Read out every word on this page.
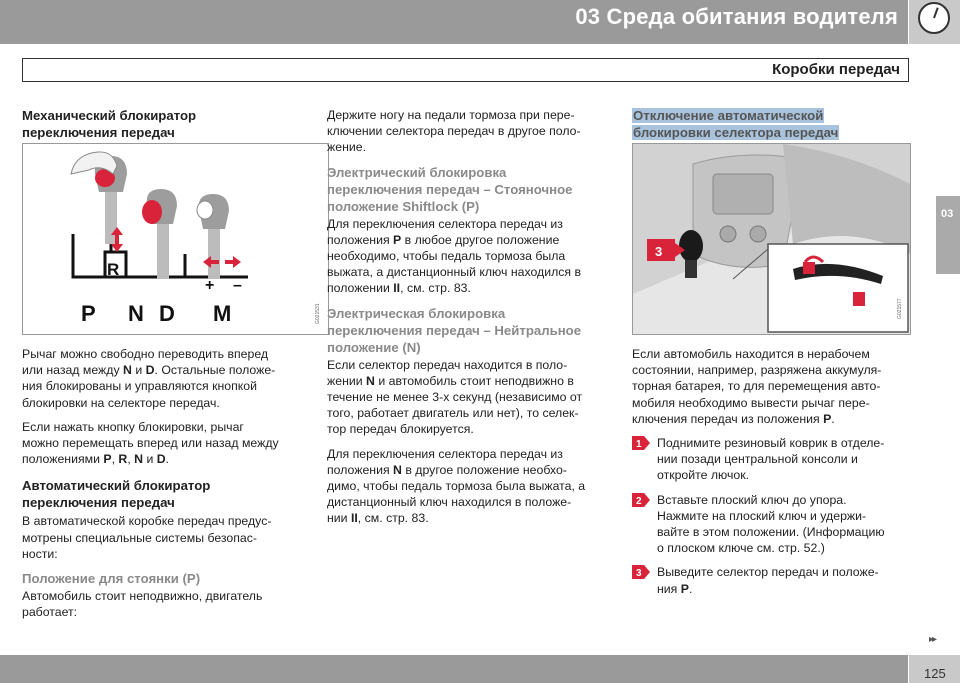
03 Среда обитания водителя
Коробки передач
Механический блокиратор
переключения передач
R
+ –
P N D M	G021531

Рычаг можно свободно переводить вперед
или назад между N и D. Остальные положе-
ния блокированы и управляются кнопкой
блокировки на селекторе передач.

Если нажать кнопку блокировки, рычаг
можно перемещать вперед или назад между
положениями P, R, N и D.

Автоматический блокиратор
переключения передач

В автоматической коробке передач предус-
мотрены специальные системы безопас-
ности:

Положение для стоянки (P)

Автомобиль стоит неподвижно, двигатель
работает:

Держите ногу на педали тормоза при пере-
ключении селектора передач в другое поло-
жение.

Электрический блокировка
переключения передач – Стояночное
положение Shiftlock (P)

Для переключения селектора передач из
положения P в любое другое положение
необходимо, чтобы педаль тормоза была
выжата, а дистанционный ключ находился в
положении II, см. стр. 83.

Электрическая блокировка
переключения передач – Нейтральное
положение (N)

Если селектор передач находится в поло-
жении N и автомобиль стоит неподвижно в
течение не менее 3-х секунд (независимо от
того, работает двигатель или нет), то селек-
тор передач блокируется.

Для переключения селектора передач из
положения N в другое положение необхо-
димо, чтобы педаль тормоза была выжата, а
дистанционный ключ находился в положе-
нии II, см. стр. 83.

Отключение автоматической
блокировки селектора передач
3
G021577

Если автомобиль находится в нерабочем
состоянии, например, разряжена аккумуля-
торная батарея, то для перемещения авто-
мобиля необходимо вывести рычаг пере-
ключения передач из положения P.

1 Поднимите резиновый коврик в отделе-
нии позади центральной консоли и
откройте лючок.
2 Вставьте плоский ключ до упора.
Нажмите на плоский ключ и удержи-
вайте в этом положении. (Информацию
о плоском ключе см. стр. 52.)
3 Выведите селектор передач и положе-
ния P.
03
▸▸
125
